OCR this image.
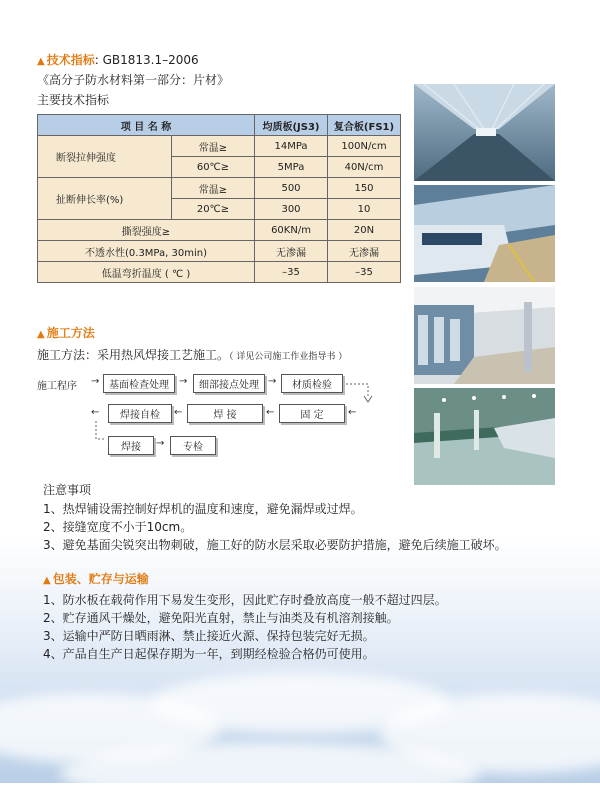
▲ 技术指标: GB1813.1–2006
《高分子防水材料第一部分：片材》
主要技术指标
项 目 名 称		均质板(JS3)	复合板(FS1)
断裂拉伸强度	常温≥	14MPa	100N/cm
	60℃≥	5MPa	40N/cm
扯断伸长率(%)	常温≥	500	150
	20℃≥	300	10
撕裂强度≥		60KN/m	20N
不透水性(0.3MPa, 30min)		无渗漏	无渗漏
低温弯折温度 ( ℃ )		–35	–35
▲ 施工方法
施工方法：采用热风焊接工艺施工。（ 详见公司施工作业指导书 ）
施工程序 → 基面检查处理	→	细部接点处理 →	材质检验
←	焊接自检	←	焊 接	←	固 定	←
焊接	→	专检
注意事项
1、热焊铺设需控制好焊机的温度和速度，避免漏焊或过焊。
2、接缝宽度不小于10cm。
3、避免基面尖锐突出物刺破，施工好的防水层采取必要防护措施，避免后续施工破坏。
▲ 包装、贮存与运输
1、防水板在载荷作用下易发生变形，因此贮存时叠放高度一般不超过四层。
2、贮存通风干燥处，避免阳光直射，禁止与油类及有机溶剂接触。
3、运输中严防日晒雨淋、禁止接近火源、保持包装完好无损。
4、产品自生产日起保存期为一年，到期经检验合格仍可使用。
